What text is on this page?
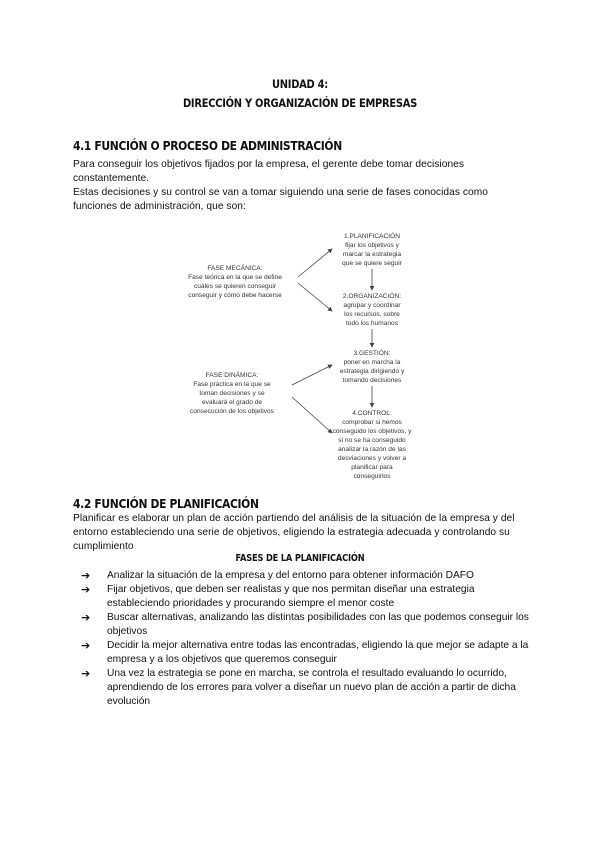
UNIDAD 4:
DIRECCIÓN Y ORGANIZACIÓN DE EMPRESAS
4.1 FUNCIÓN O PROCESO DE ADMINISTRACIÓN
Para conseguir los objetivos fijados por la empresa, el gerente debe tomar decisiones constantemente.
Estas decisiones y su control se van a tomar siguiendo una serie de fases conocidas como funciones de administración, que son:
FASE MECÁNICA:
Fase teórica en la que se define
cuáles se quieren conseguir
conseguir y cómo debe hacerse
FASE DINÁMICA:
Fase práctica en la que se
toman decisiones y se
evaluará el grado de
consecución de los objetivos
1.PLANIFICACIÓN
fijar los objetivos y
marcar la estrategia
que se quiere seguir
2.ORGANIZACIÓN:
agrupar y coordinar
los recursos, sobre
todo los humanos
3.GESTIÓN:
poner en marcha la
estrategia dirigiendo y
tomando decisiones
4.CONTROL:
comprobar si hemos
conseguido los objetivos, y
si no se ha conseguido
analizar la razón de las
desviaciones y volver a
planificar para
conseguirlos
4.2 FUNCIÓN DE PLANIFICACIÓN
Planificar es elaborar un plan de acción partiendo del análisis de la situación de la empresa y del entorno estableciendo una serie de objetivos, eligiendo la estrategia adecuada y controlando su cumplimiento
FASES DE LA PLANIFICACIÓN
➔ Analizar la situación de la empresa y del entorno para obtener información DAFO
➔ Fijar objetivos, que deben ser realistas y que nos permitan diseñar una estrategia estableciendo prioridades y procurando siempre el menor coste
➔ Buscar alternativas, analizando las distintas posibilidades con las que podemos conseguir los objetivos
➔ Decidir la mejor alternativa entre todas las encontradas, eligiendo la que mejor se adapte a la empresa y a los objetivos que queremos conseguir
➔ Una vez la estrategia se pone en marcha, se controla el resultado evaluando lo ocurrido, aprendiendo de los errores para volver a diseñar un nuevo plan de acción a partir de dicha evolución
